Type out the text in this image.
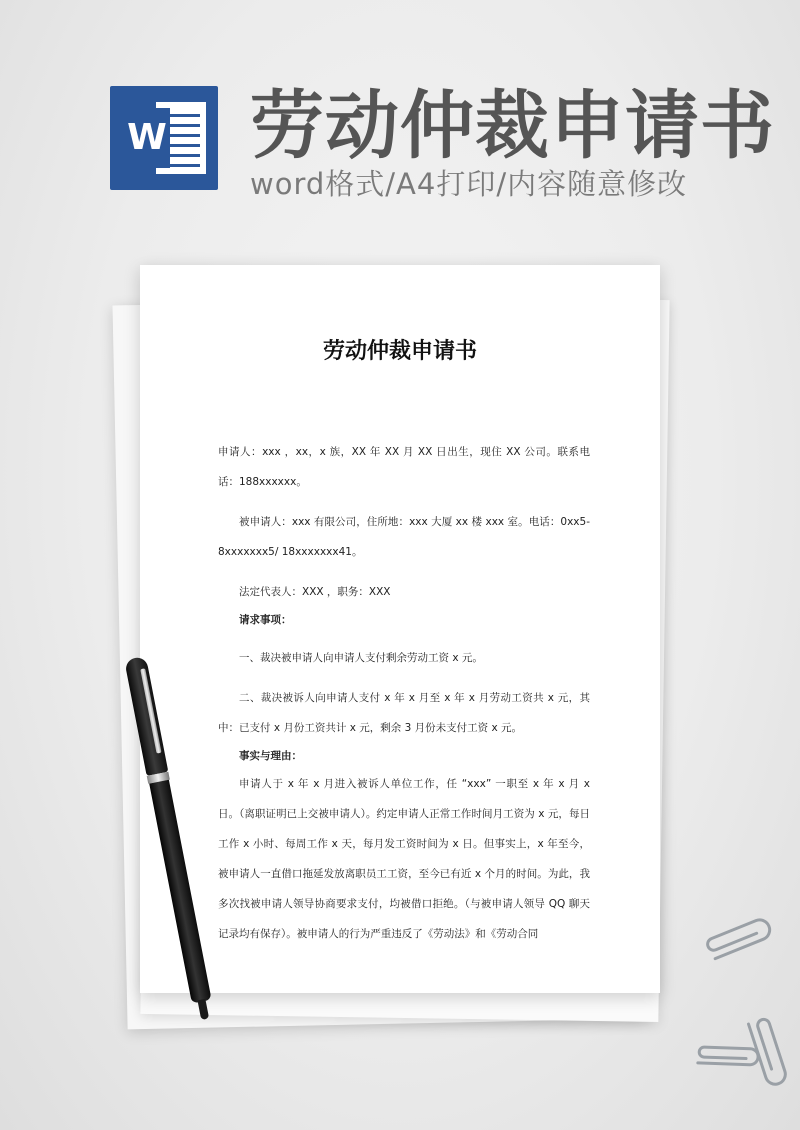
W 劳动仲裁申请书
word格式/A4打印/内容随意修改
劳动仲裁申请书

申请人：xxx ，xx，x 族，XX 年 XX 月 XX 日出生，现住 XX 公司。联系电话：188xxxxxx。

被申请人：xxx 有限公司，住所地：xxx 大厦 xx 楼 xxx 室。电话：0xx5-8xxxxxxx5/ 18xxxxxxx41。

法定代表人：XXX ，职务：XXX

请求事项：

一、裁决被申请人向申请人支付剩余劳动工资 x 元。

二、裁决被诉人向申请人支付 x 年 x 月至 x 年 x 月劳动工资共 x 元，其中：已支付 x 月份工资共计 x 元，剩余 3 月份未支付工资 x 元。

事实与理由：

申请人于 x 年 x 月进入被诉人单位工作，任 “xxx” 一职至 x 年 x 月 x 日。（离职证明已上交被申请人）。约定申请人正常工作时间月工资为 x 元，每日工作 x 小时、每周工作 x 天，每月发工资时间为 x 日。但事实上，x 年至今，被申请人一直借口拖延发放离职员工工资，至今已有近 x 个月的时间。为此，我多次找被申请人领导协商要求支付，均被借口拒绝。（与被申请人领导 QQ 聊天记录均有保存）。被申请人的行为严重违反了《劳动法》和《劳动合同
